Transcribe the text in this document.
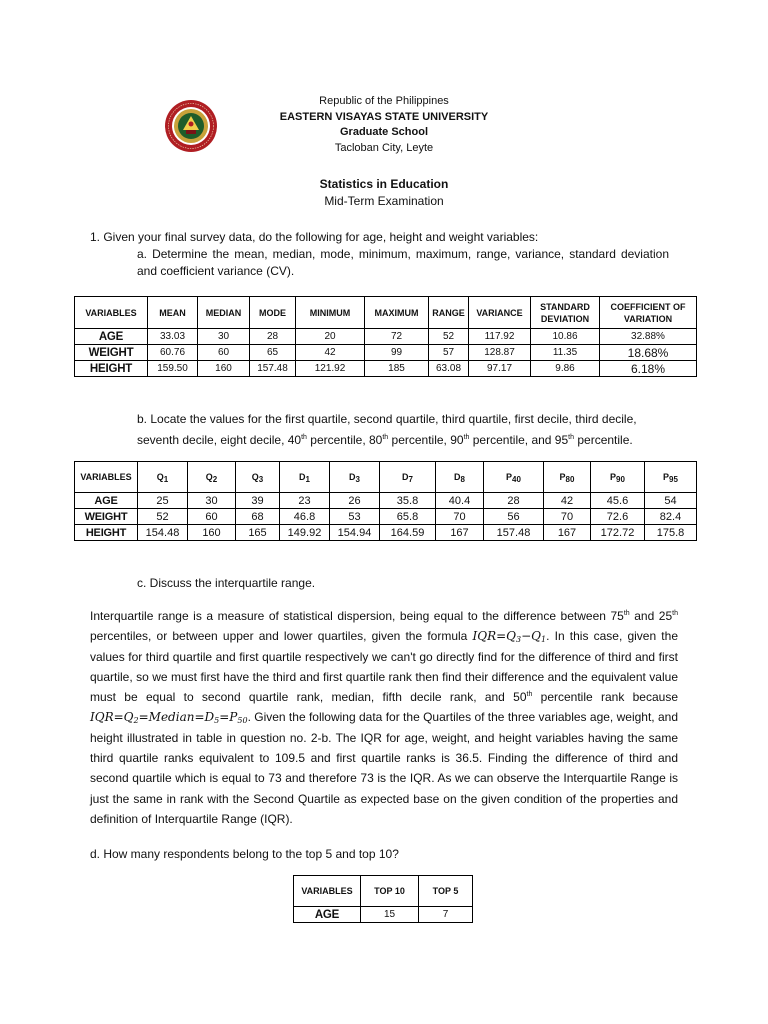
Republic of the Philippines
EASTERN VISAYAS STATE UNIVERSITY
Graduate School
Tacloban City, Leyte
Statistics in Education
Mid-Term Examination
1. Given your final survey data, do the following for age, height and weight variables:
a. Determine the mean, median, mode, minimum, maximum, range, variance, standard deviation and coefficient variance (CV).
VARIABLES	MEAN	MEDIAN	MODE	MINIMUM	MAXIMUM	RANGE	VARIANCE	STANDARD DEVIATION	COEFFICIENT OF VARIATION
AGE	33.03	30	28	20	72	52	117.92	10.86	32.88%
WEIGHT	60.76	60	65	42	99	57	128.87	11.35	18.68%
HEIGHT	159.50	160	157.48	121.92	185	63.08	97.17	9.86	6.18%
b. Locate the values for the first quartile, second quartile, third quartile, first decile, third decile, seventh decile, eight decile, 40th percentile, 80th percentile, 90th percentile, and 95th percentile.
VARIABLES	$Q_1$	$Q_2$	$Q_3$	$D_1$	$D_3$	$D_7$	$D_8$	$P_{40}$	$P_{80}$	$P_{90}$	$P_{95}$
AGE	25	30	39	23	26	35.8	40.4	28	42	45.6	54
WEIGHT	52	60	68	46.8	53	65.8	70	56	70	72.6	82.4
HEIGHT	154.48	160	165	149.92	154.94	164.59	167	157.48	167	172.72	175.8
c. Discuss the interquartile range.
Interquartile range is a measure of statistical dispersion, being equal to the difference between 75th and 25th percentiles, or between upper and lower quartiles, given the formula $IQR=Q_3-Q_1$. In this case, given the values for third quartile and first quartile respectively we can't go directly find for the difference of third and first quartile, so we must first have the third and first quartile rank then find their difference and the equivalent value must be equal to second quartile rank, median, fifth decile rank, and 50th percentile rank because $IQR=Q_2=Median=D_5=P_{50}$. Given the following data for the Quartiles of the three variables age, weight, and height illustrated in table in question no. 2-b. The IQR for age, weight, and height variables having the same third quartile ranks equivalent to 109.5 and first quartile ranks is 36.5. Finding the difference of third and second quartile which is equal to 73 and therefore 73 is the IQR. As we can observe the Interquartile Range is just the same in rank with the Second Quartile as expected base on the given condition of the properties and definition of Interquartile Range (IQR).
d. How many respondents belong to the top 5 and top 10?
VARIABLES	TOP 10	TOP 5
AGE	15	7
